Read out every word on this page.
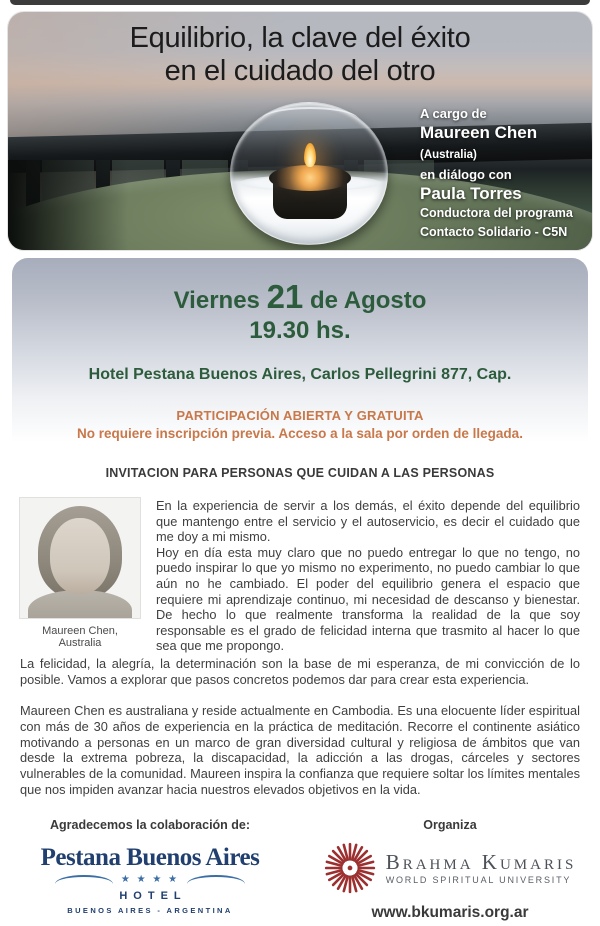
Equilibrio, la clave del éxito
en el cuidado del otro
A cargo de
Maureen Chen (Australia)
en diálogo con
Paula Torres
Conductora del programa
Contacto Solidario - C5N
Viernes 21 de Agosto
19.30 hs.
Hotel Pestana Buenos Aires, Carlos Pellegrini 877, Cap.
PARTICIPACIÓN ABIERTA Y GRATUITA
No requiere inscripción previa. Acceso a la sala por orden de llegada.
INVITACION PARA PERSONAS QUE CUIDAN A LAS PERSONAS
Maureen Chen, Australia

En la experiencia de servir a los demás, el éxito depende del equilibrio que mantengo entre el servicio y el autoservicio, es decir el cuidado que me doy a mi mismo.

Hoy en día esta muy claro que no puedo entregar lo que no tengo, no puedo inspirar lo que yo mismo no experimento, no puedo cambiar lo que aún no he cambiado. El poder del equilibrio genera el espacio que requiere mi aprendizaje continuo, mi necesidad de descanso y bienestar. De hecho lo que realmente transforma la realidad de la que soy responsable es el grado de felicidad interna que trasmito al hacer lo que sea que me propongo.

La felicidad, la alegría, la determinación son la base de mi esperanza, de mi convicción de lo posible. Vamos a explorar que pasos concretos podemos dar para crear esta experiencia.

Maureen Chen es australiana y reside actualmente en Cambodia. Es una elocuente líder espiritual con más de 30 años de experiencia en la práctica de meditación. Recorre el continente asiático motivando a personas en un marco de gran diversidad cultural y religiosa de ámbitos que van desde la extrema pobreza, la discapacidad, la adicción a las drogas, cárceles y sectores vulnerables de la comunidad. Maureen inspira la confianza que requiere soltar los límites mentales que nos impiden avanzar hacia nuestros elevados objetivos en la vida.

Agradecemos la colaboración de:
Pestana Buenos Aires
★ ★ ★ ★
HOTEL
BUENOS AIRES - ARGENTINA
Organiza
Brahma Kumaris
WORLD SPIRITUAL UNIVERSITY
www.bkumaris.org.ar
